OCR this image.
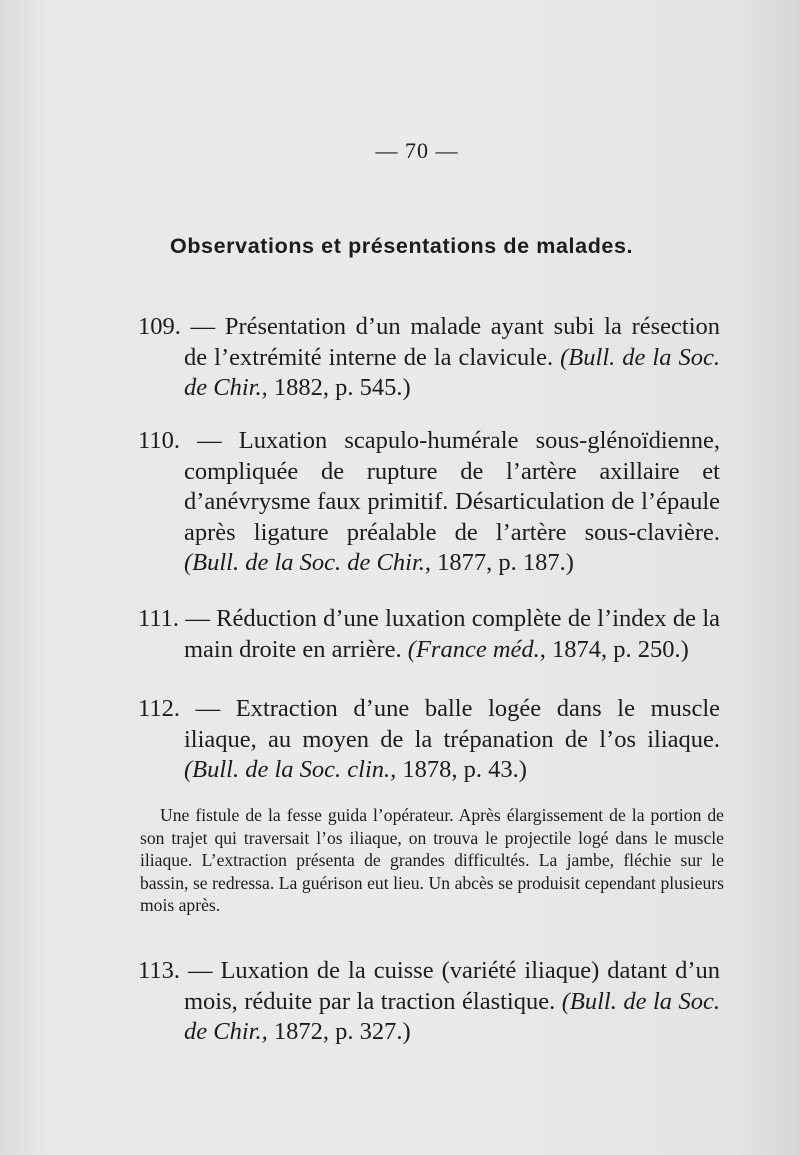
— 70 —
Observations et présentations de malades.

109. — Présentation d’un malade ayant subi la résection de l’extrémité interne de la clavicule. (Bull. de la Soc. de Chir., 1882, p. 545.)

110. — Luxation scapulo-humérale sous-glénoïdienne, compliquée de rupture de l’artère axillaire et d’anévrysme faux primitif. Désarticulation de l’épaule après ligature préalable de l’artère sous-clavière. (Bull. de la Soc. de Chir., 1877, p. 187.)

111. — Réduction d’une luxation complète de l’index de la main droite en arrière. (France méd., 1874, p. 250.)

112. — Extraction d’une balle logée dans le muscle iliaque, au moyen de la trépanation de l’os iliaque. (Bull. de la Soc. clin., 1878, p. 43.)

Une fistule de la fesse guida l’opérateur. Après élargissement de la portion de son trajet qui traversait l’os iliaque, on trouva le projectile logé dans le muscle iliaque. L’extraction présenta de grandes difficultés. La jambe, fléchie sur le bassin, se redressa. La guérison eut lieu. Un abcès se produisit cependant plusieurs mois après.

113. — Luxation de la cuisse (variété iliaque) datant d’un mois, réduite par la traction élastique. (Bull. de la Soc. de Chir., 1872, p. 327.)
